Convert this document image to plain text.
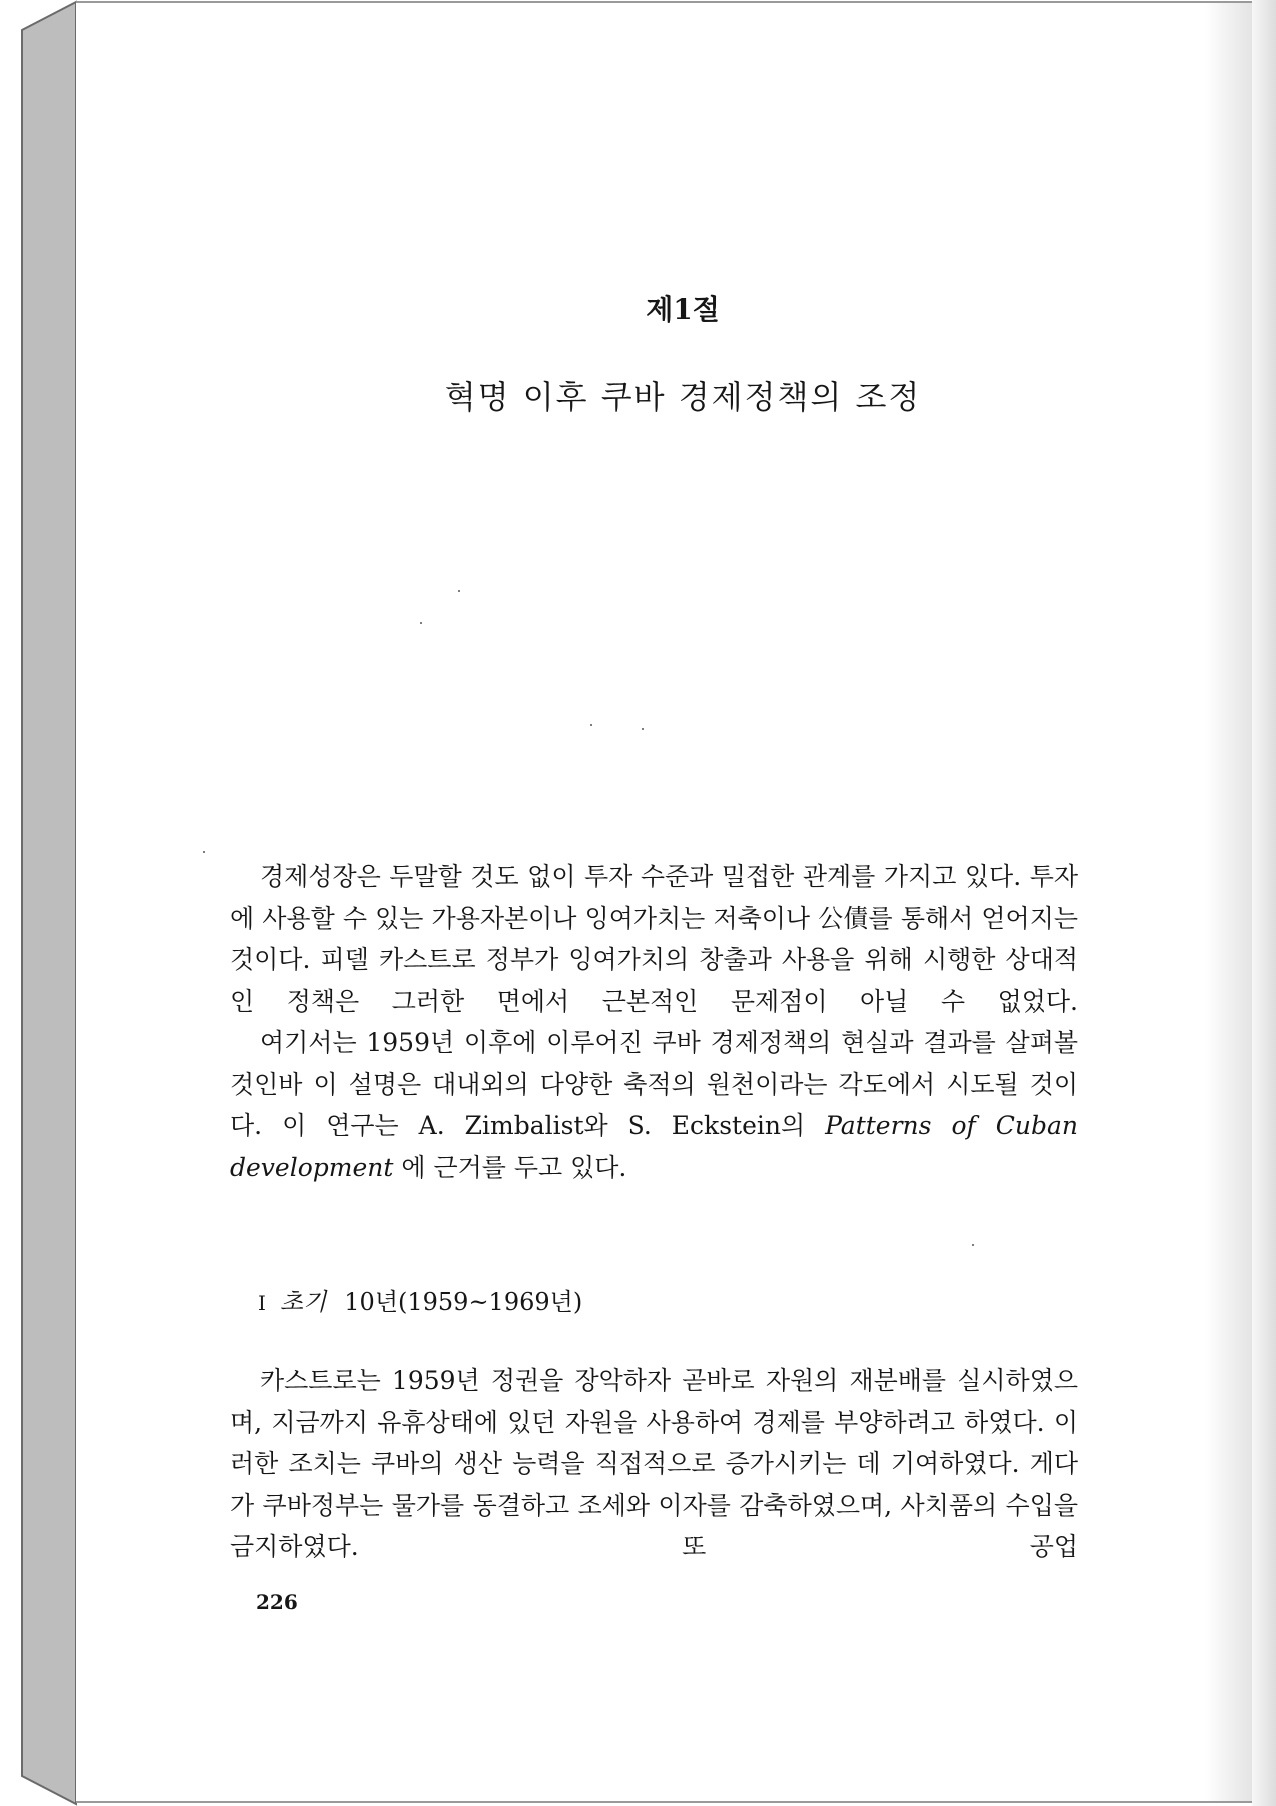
제1절
혁명 이후 쿠바 경제정책의 조정

경제성장은 두말할 것도 없이 투자 수준과 밀접한 관계를 가지고 있다. 투자에 사용할 수 있는 가용자본이나 잉여가치는 저축이나 公債를 통해서 얻어지는 것이다. 피델 카스트로 정부가 잉여가치의 창출과 사용을 위해 시행한 상대적인 정책은 그러한 면에서 근본적인 문제점이 아닐 수 없었다.

여기서는 1959년 이후에 이루어진 쿠바 경제정책의 현실과 결과를 살펴볼 것인바 이 설명은 대내외의 다양한 축적의 원천이라는 각도에서 시도될 것이다. 이 연구는 A. Zimbalist와 S. Eckstein의 Patterns of Cuban development 에 근거를 두고 있다.

I 초기 10년(1959~1969년)

카스트로는 1959년 정권을 장악하자 곧바로 자원의 재분배를 실시하였으며, 지금까지 유휴상태에 있던 자원을 사용하여 경제를 부양하려고 하였다. 이러한 조치는 쿠바의 생산 능력을 직접적으로 증가시키는 데 기여하였다. 게다가 쿠바정부는 물가를 동결하고 조세와 이자를 감축하였으며, 사치품의 수입을 금지하였다. 또 공업

226
